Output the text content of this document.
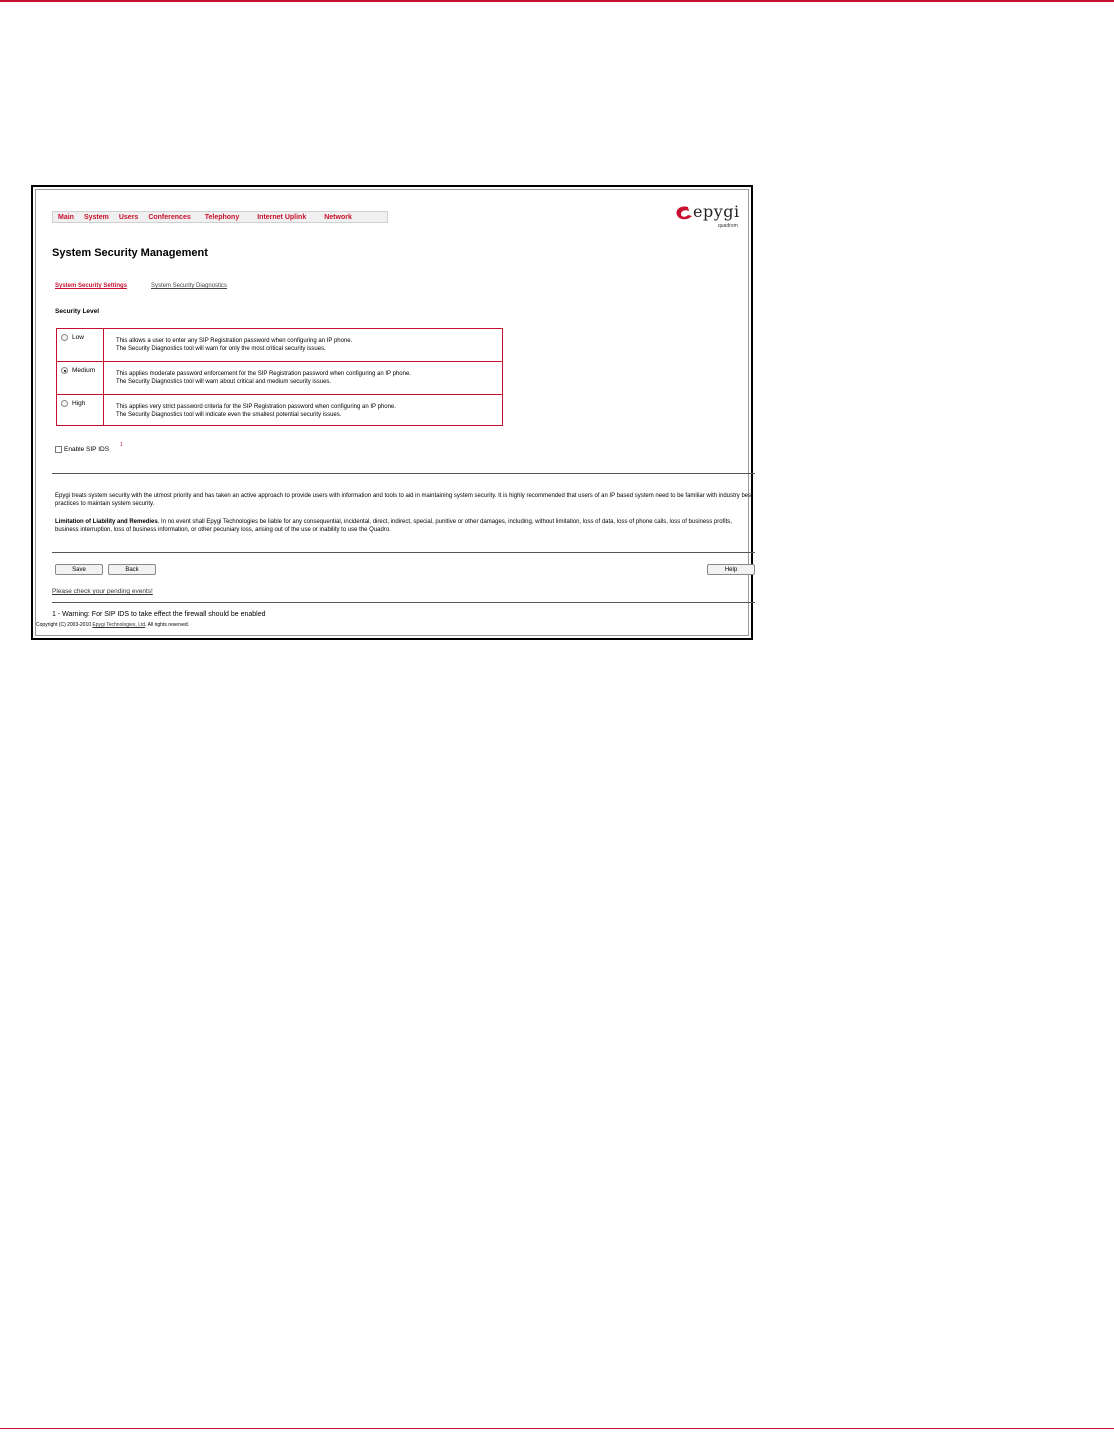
Main	System	Users	Conferences	Telephony	Internet Uplink	Network	epygi
quadrom
System Security Management
System Security Settings	System Security Diagnostics
Security Level
Low	This allows a user to enter any SIP Registration password when configuring an IP phone.
The Security Diagnostics tool will warn for only the most critical security issues.
Medium	This applies moderate password enforcement for the SIP Registration password when configuring an IP phone.
The Security Diagnostics tool will warn about critical and medium security issues.
High	This applies very strict password criteria for the SIP Registration password when configuring an IP phone.
The Security Diagnostics tool will indicate even the smallest potential security issues.
Enable SIP IDS
1
Epygi treats system security with the utmost priority and has taken an active approach to provide users with information and tools to aid in maintaining system security. It is highly recommended that users of an IP based system need to be familiar with industry best practices to maintain system security.
Limitation of Liability and Remedies. In no event shall Epygi Technologies be liable for any consequential, incidental, direct, indirect, special, punitive or other damages, including, without limitation, loss of data, loss of phone calls, loss of business profits, business interruption, loss of business information, or other pecuniary loss, arising out of the use or inability to use the Quadro.
Save	Back	Help
Please check your pending events!
1 - Warning: For SIP IDS to take effect the firewall should be enabled
Copyright (C) 2003-2010 Epygi Technologies, Ltd. All rights reserved.
